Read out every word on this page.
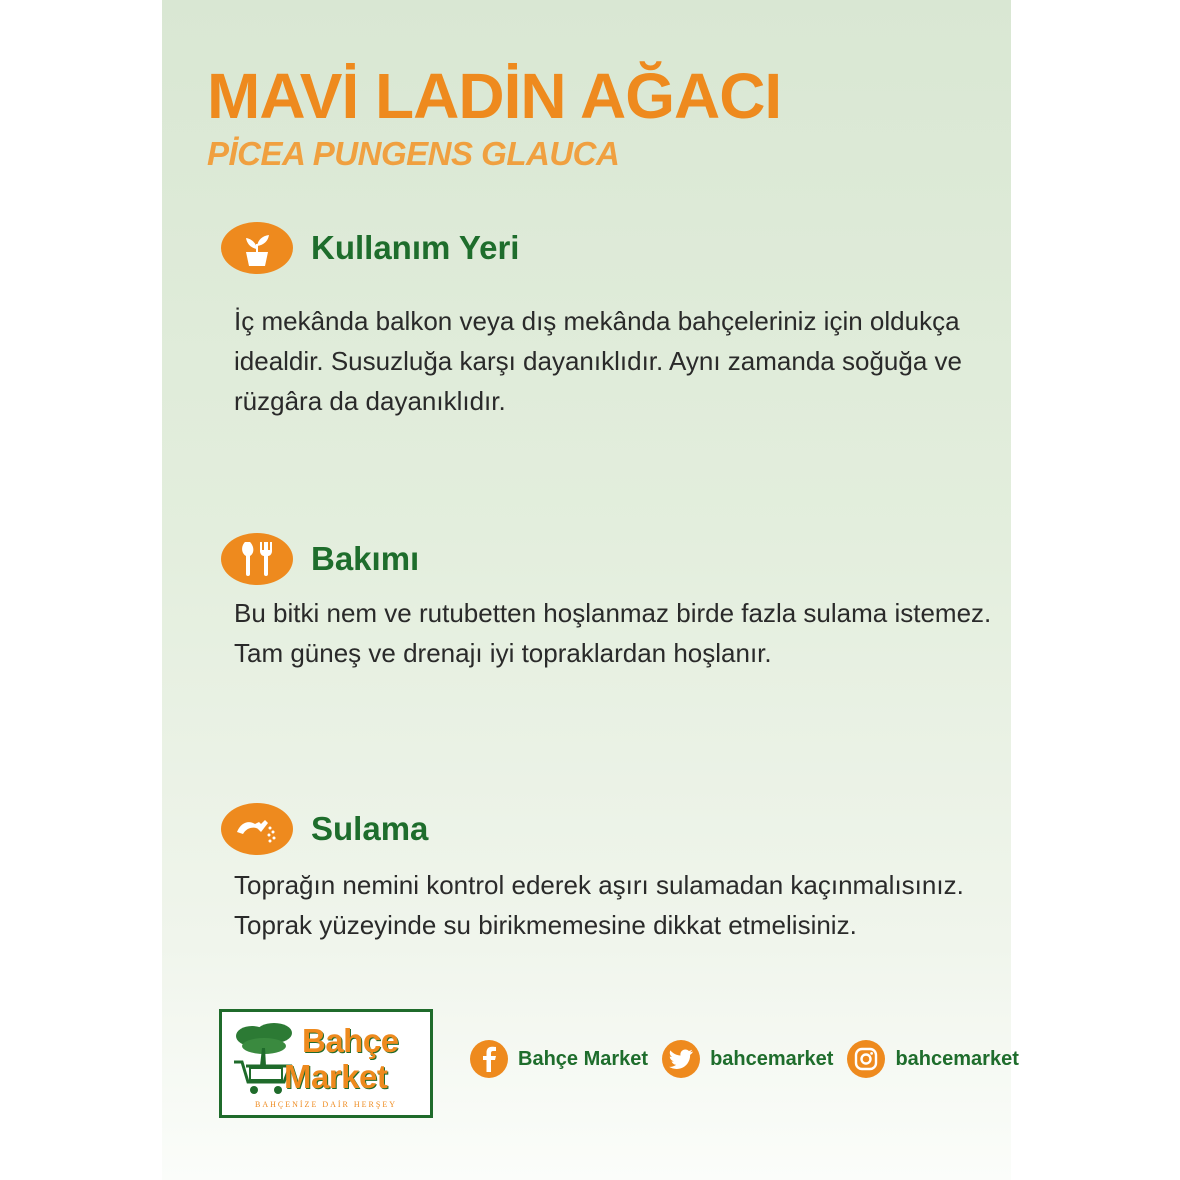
MAVİ LADİN AĞACI
PİCEA PUNGENS GLAUCA
Kullanım Yeri

İç mekânda balkon veya dış mekânda bahçeleriniz için oldukça idealdir. Susuzluğa karşı dayanıklıdır. Aynı zamanda soğuğa ve rüzgâra da dayanıklıdır.

Bakımı

Bu bitki nem ve rutubetten hoşlanmaz birde fazla sulama istemez. Tam güneş ve drenajı iyi topraklardan hoşlanır.

Sulama

Toprağın nemini kontrol ederek aşırı sulamadan kaçınmalısınız. Toprak yüzeyinde su birikmemesine dikkat etmelisiniz.

Bahçe
Market
BAHÇENİZE DAİR HERŞEY
Bahçe Market	bahcemarket	bahcemarket
